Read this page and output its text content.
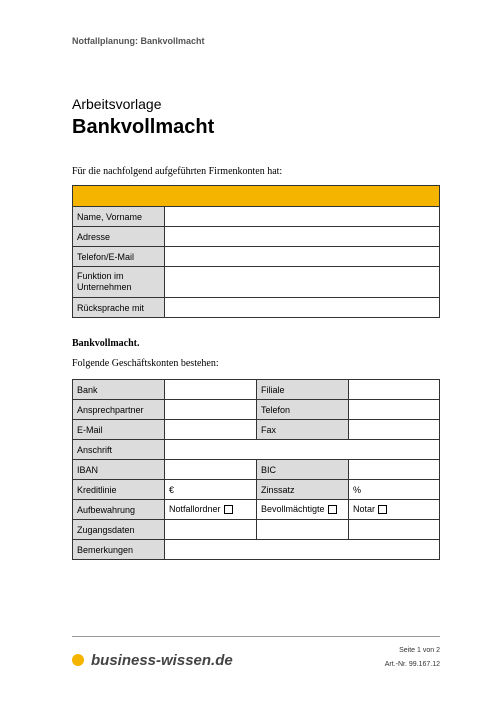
Notfallplanung: Bankvollmacht
Arbeitsvorlage
Bankvollmacht
Für die nachfolgend aufgeführten Firmenkonten hat:

Name, Vorname	
Adresse	
Telefon/E-Mail	
Funktion im Unternehmen	
Rücksprache mit	
Bankvollmacht.
Folgende Geschäftskonten bestehen:
Bank		Filiale	
Ansprechpartner		Telefon	
E-Mail		Fax	
Anschrift			
IBAN		BIC	
Kreditlinie	€	Zinssatz	%
Aufbewahrung	Notfallordner	Bevollmächtigte	Notar
Zugangsdaten			
Bemerkungen			
business-wissen.de
Seite 1 von 2
Art.-Nr. 99.167.12
